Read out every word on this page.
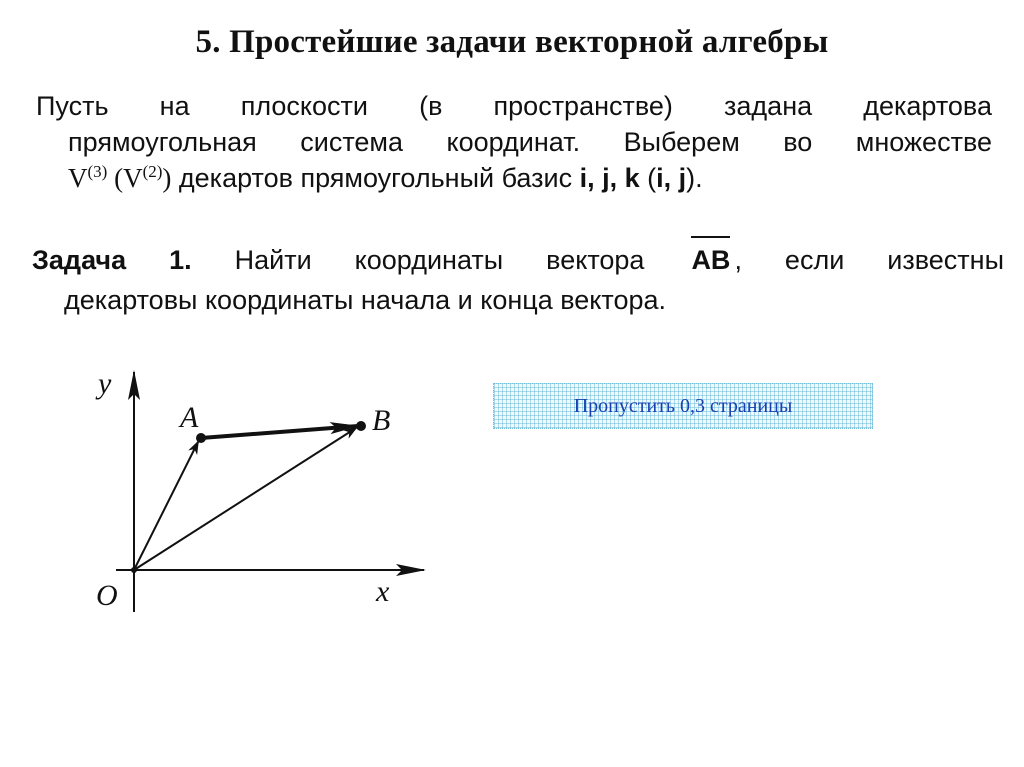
5. Простейшие задачи векторной алгебры
Пусть на плоскости (в пространстве) задана декартова
прямоугольная система координат. Выберем во множестве
$V^{(3)}$ $(V^{(2)})$ декартов прямоугольный базис i, j, k (i, j).
Задача 1. Найти координаты вектора AB , если известны
декартовы координаты начала и конца вектора.
y
x
O
A	B	Пропустить 0,3 страницы
